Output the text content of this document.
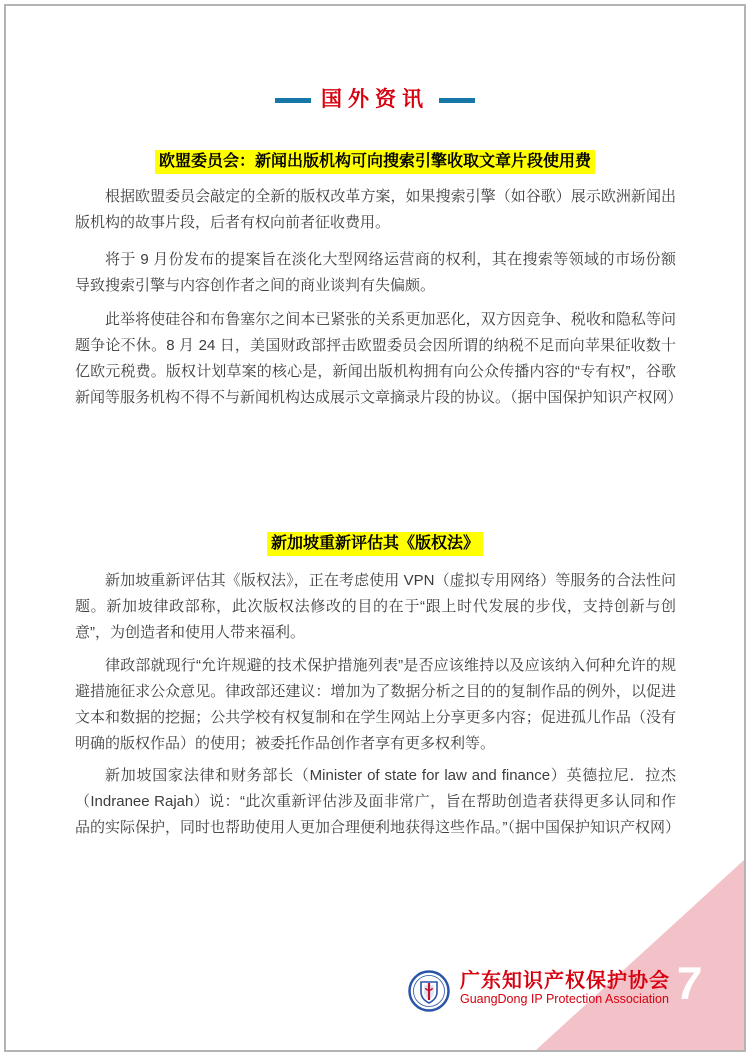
国外资讯
欧盟委员会：新闻出版机构可向搜索引擎收取文章片段使用费

根据欧盟委员会敲定的全新的版权改革方案，如果搜索引擎（如谷歌）展示欧洲新闻出版机构的故事片段，后者有权向前者征收费用。

将于 9 月份发布的提案旨在淡化大型网络运营商的权利，其在搜索等领域的市场份额导致搜索引擎与内容创作者之间的商业谈判有失偏颇。

此举将使硅谷和布鲁塞尔之间本已紧张的关系更加恶化，双方因竞争、税收和隐私等问题争论不休。8 月 24 日，美国财政部抨击欧盟委员会因所谓的纳税不足而向苹果征收数十亿欧元税费。版权计划草案的核心是，新闻出版机构拥有向公众传播内容的“专有权”，谷歌新闻等服务机构不得不与新闻机构达成展示文章摘录片段的协议。（据中国保护知识产权网）

新加坡重新评估其《版权法》

新加坡重新评估其《版权法》，正在考虑使用 VPN（虚拟专用网络）等服务的合法性问题。新加坡律政部称，此次版权法修改的目的在于“跟上时代发展的步伐，支持创新与创意”，为创造者和使用人带来福利。

律政部就现行“允许规避的技术保护措施列表”是否应该维持以及应该纳入何种允许的规避措施征求公众意见。律政部还建议：增加为了数据分析之目的的复制作品的例外，以促进文本和数据的挖掘；公共学校有权复制和在学生网站上分享更多内容；促进孤儿作品（没有明确的版权作品）的使用；被委托作品创作者享有更多权利等。

新加坡国家法律和财务部长（Minister of state for law and finance）英德拉尼．拉杰（Indranee Rajah）说：“此次重新评估涉及面非常广，旨在帮助创造者获得更多认同和作品的实际保护，同时也帮助使用人更加合理便利地获得这些作品。”（据中国保护知识产权网）

广东知识产权保护协会
GuangDong IP Protection Association 7
